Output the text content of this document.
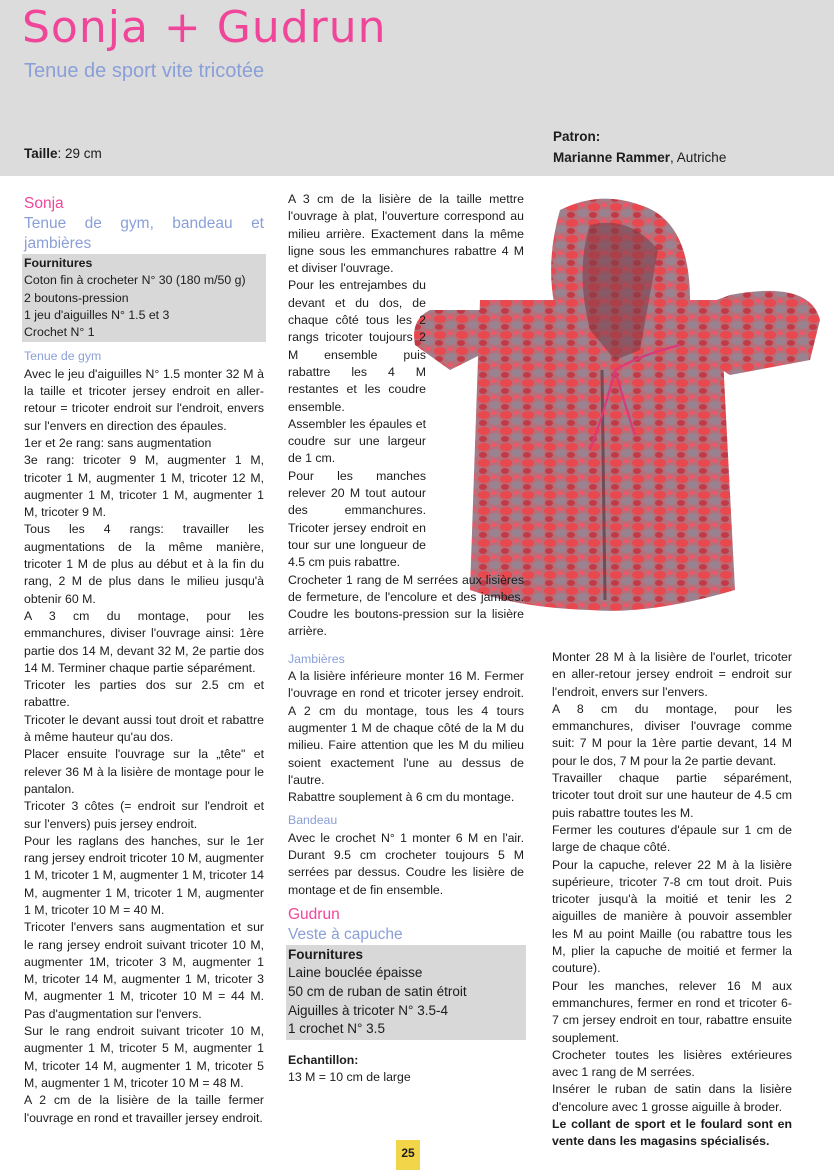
Sonja + Gudrun
Tenue de sport vite tricotée
Taille: 29 cm
Patron:
Marianne Rammer, Autriche

Sonja

Tenue de gym, bandeau et jambières

Fournitures

Coton fin à crocheter N° 30 (180 m/50 g)

2 boutons-pression

1 jeu d'aiguilles N° 1.5 et 3

Crochet N° 1

Tenue de gym

Avec le jeu d'aiguilles N° 1.5 monter 32 M à la taille et tricoter jersey endroit en aller-retour = tricoter endroit sur l'endroit, envers sur l'envers en direction des épaules.

1er et 2e rang: sans augmentation

3e rang: tricoter 9 M, augmenter 1 M, tricoter 1 M, augmenter 1 M, tricoter 12 M, augmenter 1 M, tricoter 1 M, augmenter 1 M, tricoter 9 M.

Tous les 4 rangs: travailler les augmentations de la même manière, tricoter 1 M de plus au début et à la fin du rang, 2 M de plus dans le milieu jusqu'à obtenir 60 M.

A 3 cm du montage, pour les emmanchures, diviser l'ouvrage ainsi: 1ère partie dos 14 M, devant 32 M, 2e partie dos 14 M. Terminer chaque partie séparément.

Tricoter les parties dos sur 2.5 cm et rabattre.

Tricoter le devant aussi tout droit et rabattre à même hauteur qu'au dos.

Placer ensuite l'ouvrage sur la „tête" et relever 36 M à la lisière de montage pour le pantalon.

Tricoter 3 côtes (= endroit sur l'endroit et sur l'envers) puis jersey endroit.

Pour les raglans des hanches, sur le 1er rang jersey endroit tricoter 10 M, augmenter 1 M, tricoter 1 M, augmenter 1 M, tricoter 14 M, augmenter 1 M, tricoter 1 M, augmenter 1 M, tricoter 10 M = 40 M.

Tricoter l'envers sans augmentation et sur le rang jersey endroit suivant tricoter 10 M, augmenter 1M, tricoter 3 M, augmenter 1 M, tricoter 14 M, augmenter 1 M, tricoter 3 M, augmenter 1 M, tricoter 10 M = 44 M. Pas d'augmentation sur l'envers.

Sur le rang endroit suivant tricoter 10 M, augmenter 1 M, tricoter 5 M, augmenter 1 M, tricoter 14 M, augmenter 1 M, tricoter 5 M, augmenter 1 M, tricoter 10 M = 48 M.

A 2 cm de la lisière de la taille fermer l'ouvrage en rond et travailler jersey endroit.

A 3 cm de la lisière de la taille mettre l'ouvrage à plat, l'ouverture correspond au milieu arrière. Exactement dans la même ligne sous les emmanchures rabattre 4 M et diviser l'ouvrage.

Pour les entrejambes du devant et du dos, de chaque côté tous les 2 rangs tricoter toujours 2 M ensemble puis rabattre les 4 M restantes et les coudre ensemble.

Assembler les épaules et coudre sur une largeur de 1 cm.

Pour les manches relever 20 M tout autour des emmanchures. Tricoter jersey endroit en tour sur une longueur de 4.5 cm puis rabattre.

Crocheter 1 rang de M serrées aux lisières de fermeture, de l'encolure et des jambes. Coudre les boutons-pression sur la lisière arrière.

Jambières

A la lisière inférieure monter 16 M. Fermer l'ouvrage en rond et tricoter jersey endroit. A 2 cm du montage, tous les 4 tours augmenter 1 M de chaque côté de la M du milieu. Faire attention que les M du milieu soient exactement l'une au dessus de l'autre.

Rabattre souplement à 6 cm du montage.

Bandeau

Avec le crochet N° 1 monter 6 M en l'air. Durant 9.5 cm crocheter toujours 5 M serrées par dessus. Coudre les lisière de montage et de fin ensemble.

Gudrun

Veste à capuche

Fournitures

Laine bouclée épaisse

50 cm de ruban de satin étroit

Aiguilles à tricoter N° 3.5-4

1 crochet N° 3.5

Echantillon:

13 M = 10 cm de large

Monter 28 M à la lisière de l'ourlet, tricoter en aller-retour jersey endroit = endroit sur l'endroit, envers sur l'envers.

A 8 cm du montage, pour les emmanchures, diviser l'ouvrage comme suit: 7 M pour la 1ère partie devant, 14 M pour le dos, 7 M pour la 2e partie devant.

Travailler chaque partie séparément, tricoter tout droit sur une hauteur de 4.5 cm puis rabattre toutes les M.

Fermer les coutures d'épaule sur 1 cm de large de chaque côté.

Pour la capuche, relever 22 M à la lisière supérieure, tricoter 7-8 cm tout droit. Puis tricoter jusqu'à la moitié et tenir les 2 aiguilles de manière à pouvoir assembler les M au point Maille (ou rabattre tous les M, plier la capuche de moitié et fermer la couture).

Pour les manches, relever 16 M aux emmanchures, fermer en rond et tricoter 6-7 cm jersey endroit en tour, rabattre ensuite souplement.

Crocheter toutes les lisières extérieures avec 1 rang de M serrées.

Insérer le ruban de satin dans la lisière d'encolure avec 1 grosse aiguille à broder.

Le collant de sport et le foulard sont en vente dans les magasins spécialisés.

25
